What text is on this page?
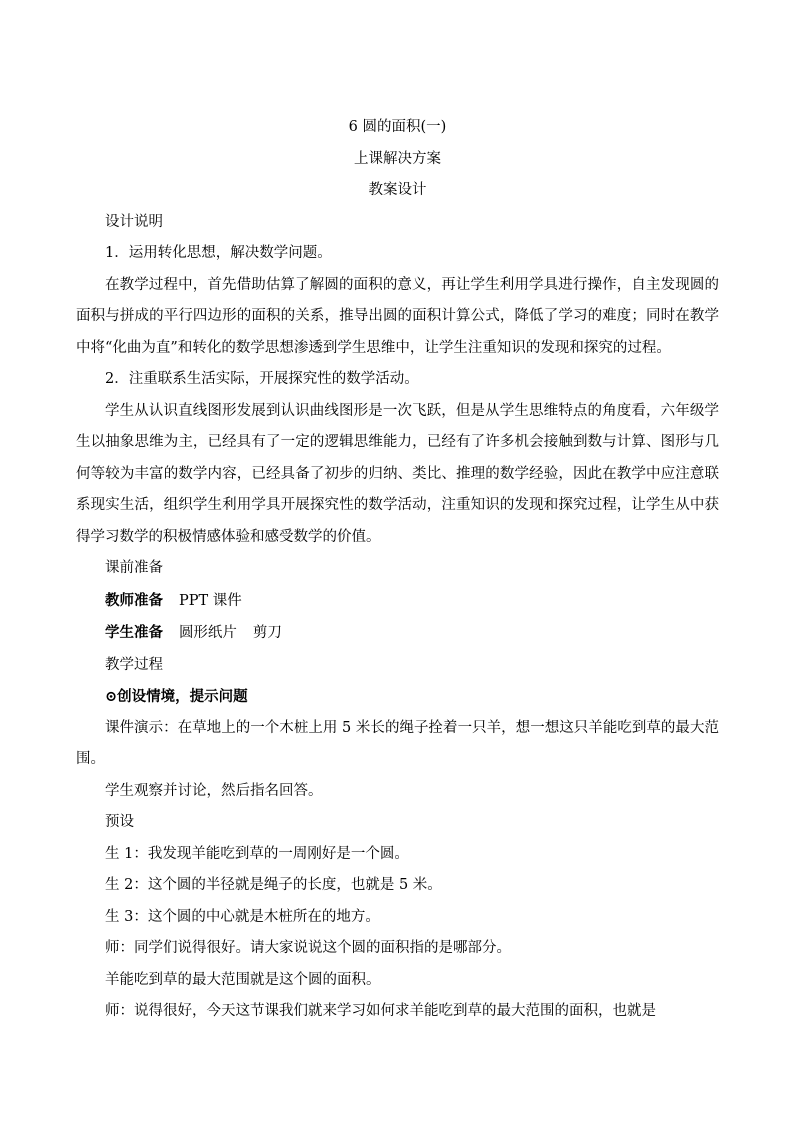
6 圆的面积(一)
上课解决方案
教案设计
设计说明
1．运用转化思想，解决数学问题。

在教学过程中，首先借助估算了解圆的面积的意义，再让学生利用学具进行操作，自主发现圆的面积与拼成的平行四边形的面积的关系，推导出圆的面积计算公式，降低了学习的难度；同时在教学中将“化曲为直”和转化的数学思想渗透到学生思维中，让学生注重知识的发现和探究的过程。

2．注重联系生活实际，开展探究性的数学活动。

学生从认识直线图形发展到认识曲线图形是一次飞跃，但是从学生思维特点的角度看，六年级学生以抽象思维为主，已经具有了一定的逻辑思维能力，已经有了许多机会接触到数与计算、图形与几何等较为丰富的数学内容，已经具备了初步的归纳、类比、推理的数学经验，因此在教学中应注意联系现实生活，组织学生利用学具开展探究性的数学活动，注重知识的发现和探究过程，让学生从中获得学习数学的积极情感体验和感受数学的价值。

课前准备
教师准备 PPT 课件
学生准备 圆形纸片 剪刀
教学过程
⊙创设情境，提示问题

课件演示：在草地上的一个木桩上用 5 米长的绳子拴着一只羊，想一想这只羊能吃到草的最大范围。

学生观察并讨论，然后指名回答。
预设
生 1：我发现羊能吃到草的一周刚好是一个圆。
生 2：这个圆的半径就是绳子的长度，也就是 5 米。
生 3：这个圆的中心就是木桩所在的地方。
师：同学们说得很好。请大家说说这个圆的面积指的是哪部分。
羊能吃到草的最大范围就是这个圆的面积。

师：说得很好，今天这节课我们就来学习如何求羊能吃到草的最大范围的面积，也就是
